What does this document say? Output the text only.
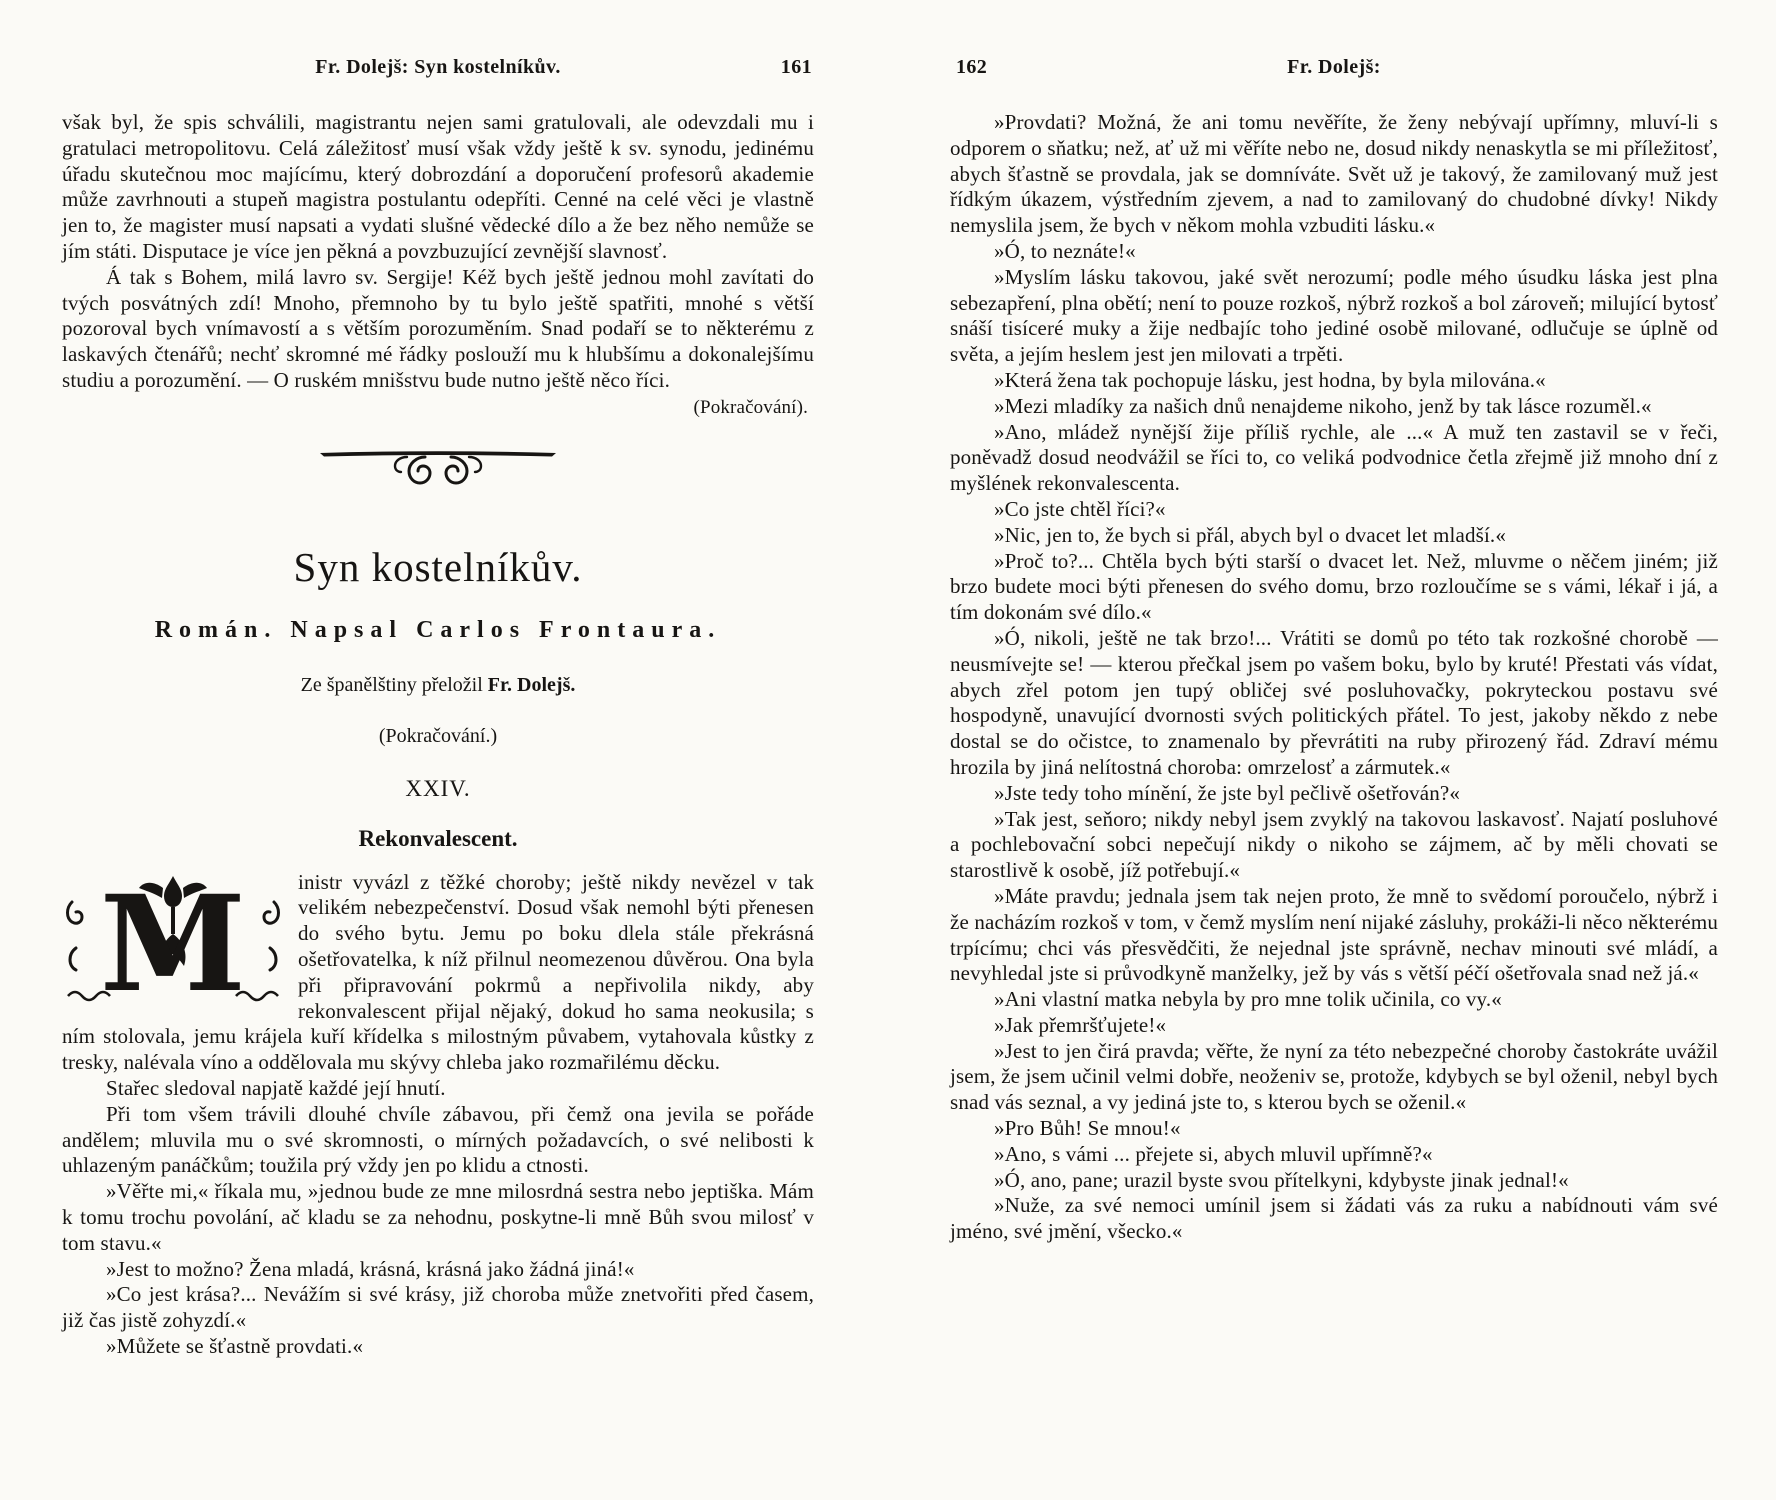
Fr. Dolejš: Syn kostelníkův.	161

však byl, že spis schválili, magistrantu nejen sami gratulovali, ale odevzdali mu i gratulaci metropolitovu. Celá záležitosť musí však vždy ještě k sv. synodu, jedinému úřadu skutečnou moc majícímu, který dobrozdání a doporučení profesorů akademie může zavrhnouti a stupeň magistra postulantu odepříti. Cenné na celé věci je vlastně jen to, že magister musí napsati a vydati slušné vědecké dílo a že bez něho nemůže se jím státi. Disputace je více jen pěkná a povzbuzující zevnější slavnosť.

Á tak s Bohem, milá lavro sv. Sergije! Kéž bych ještě jednou mohl zavítati do tvých posvátných zdí! Mnoho, přemnoho by tu bylo ještě spatřiti, mnohé s větší pozoroval bych vnímavostí a s větším porozuměním. Snad podaří se to některému z laskavých čtenářů; nechť skromné mé řádky poslouží mu k hlubšímu a dokonalejšímu studiu a porozumění. — O ruském mnišstvu bude nutno ještě něco říci.

(Pokračování).

Syn kostelníkův.
Román. Napsal Carlos Frontaura.
Ze španělštiny přeložil Fr. Dolejš.
(Pokračování.)
XXIV.
Rekonvalescent.

M inistr vyvázl z těžké choroby; ještě nikdy nevězel v tak velikém nebezpečenství. Dosud však nemohl býti přenesen do svého bytu. Jemu po boku dlela stále překrásná ošetřovatelka, k níž přilnul neomezenou důvěrou. Ona byla při připravování pokrmů a nepřivolila nikdy, aby rekonvalescent přijal nějaký, dokud ho sama neokusila; s ním stolovala, jemu krájela kuří křídelka s milostným půvabem, vytahovala kůstky z tresky, nalévala víno a oddělovala mu skývy chleba jako rozmařilému děcku.

Stařec sledoval napjatě každé její hnutí.

Při tom všem trávili dlouhé chvíle zábavou, při čemž ona jevila se pořáde andělem; mluvila mu o své skromnosti, o mírných požadavcích, o své nelibosti k uhlazeným panáčkům; toužila prý vždy jen po klidu a ctnosti.

»Věřte mi,« říkala mu, »jednou bude ze mne milosrdná sestra nebo jeptiška. Mám k tomu trochu povolání, ač kladu se za nehodnu, poskytne-li mně Bůh svou milosť v tom stavu.«

»Jest to možno? Žena mladá, krásná, krásná jako žádná jiná!«

»Co jest krása?... Nevážím si své krásy, již choroba může znetvořiti před časem, již čas jistě zohyzdí.«

»Můžete se šťastně provdati.«

Fr. Dolejš:
162

»Provdati? Možná, že ani tomu nevěříte, že ženy nebývají upřímny, mluví-li s odporem o sňatku; než, ať už mi věříte nebo ne, dosud nikdy nenaskytla se mi příležitosť, abych šťastně se provdala, jak se domníváte. Svět už je takový, že zamilovaný muž jest řídkým úkazem, výstředním zjevem, a nad to zamilovaný do chudobné dívky! Nikdy nemyslila jsem, že bych v někom mohla vzbuditi lásku.«

»Ó, to neznáte!«

»Myslím lásku takovou, jaké svět nerozumí; podle mého úsudku láska jest plna sebezapření, plna obětí; není to pouze rozkoš, nýbrž rozkoš a bol zároveň; milující bytosť snáší tisíceré muky a žije nedbajíc toho jediné osobě milované, odlučuje se úplně od světa, a jejím heslem jest jen milovati a trpěti.

»Která žena tak pochopuje lásku, jest hodna, by byla milována.«

»Mezi mladíky za našich dnů nenajdeme nikoho, jenž by tak lásce rozuměl.«

»Ano, mládež nynější žije příliš rychle, ale ...« A muž ten zastavil se v řeči, poněvadž dosud neodvážil se říci to, co veliká podvodnice četla zřejmě již mnoho dní z myšlének rekonvalescenta.

»Co jste chtěl říci?«

»Nic, jen to, že bych si přál, abych byl o dvacet let mladší.«

»Proč to?... Chtěla bych býti starší o dvacet let. Než, mluvme o něčem jiném; již brzo budete moci býti přenesen do svého domu, brzo rozloučíme se s vámi, lékař i já, a tím dokonám své dílo.«

»Ó, nikoli, ještě ne tak brzo!... Vrátiti se domů po této tak rozkošné chorobě — neusmívejte se! — kterou přečkal jsem po vašem boku, bylo by kruté! Přestati vás vídat, abych zřel potom jen tupý obličej své posluhovačky, pokryteckou postavu své hospodyně, unavující dvornosti svých politických přátel. To jest, jakoby někdo z nebe dostal se do očistce, to znamenalo by převrátiti na ruby přirozený řád. Zdraví mému hrozila by jiná nelítostná choroba: omrzelosť a zármutek.«

»Jste tedy toho mínění, že jste byl pečlivě ošetřován?«

»Tak jest, seňoro; nikdy nebyl jsem zvyklý na takovou laskavosť. Najatí posluhové a pochlebovační sobci nepečují nikdy o nikoho se zájmem, ač by měli chovati se starostlivě k osobě, jíž potřebují.«

»Máte pravdu; jednala jsem tak nejen proto, že mně to svědomí poroučelo, nýbrž i že nacházím rozkoš v tom, v čemž myslím není nijaké zásluhy, prokáži-li něco některému trpícímu; chci vás přesvědčiti, že nejednal jste správně, nechav minouti své mládí, a nevyhledal jste si průvodkyně manželky, jež by vás s větší péčí ošetřovala snad než já.«

»Ani vlastní matka nebyla by pro mne tolik učinila, co vy.«

»Jak přemršťujete!«

»Jest to jen čirá pravda; věřte, že nyní za této nebezpečné choroby častokráte uvážil jsem, že jsem učinil velmi dobře, neoženiv se, protože, kdybych se byl oženil, nebyl bych snad vás seznal, a vy jediná jste to, s kterou bych se oženil.«

»Pro Bůh! Se mnou!«

»Ano, s vámi ... přejete si, abych mluvil upřímně?«

»Ó, ano, pane; urazil byste svou přítelkyni, kdybyste jinak jednal!«

»Nuže, za své nemoci umínil jsem si žádati vás za ruku a nabídnouti vám své jméno, své jmění, všecko.«
